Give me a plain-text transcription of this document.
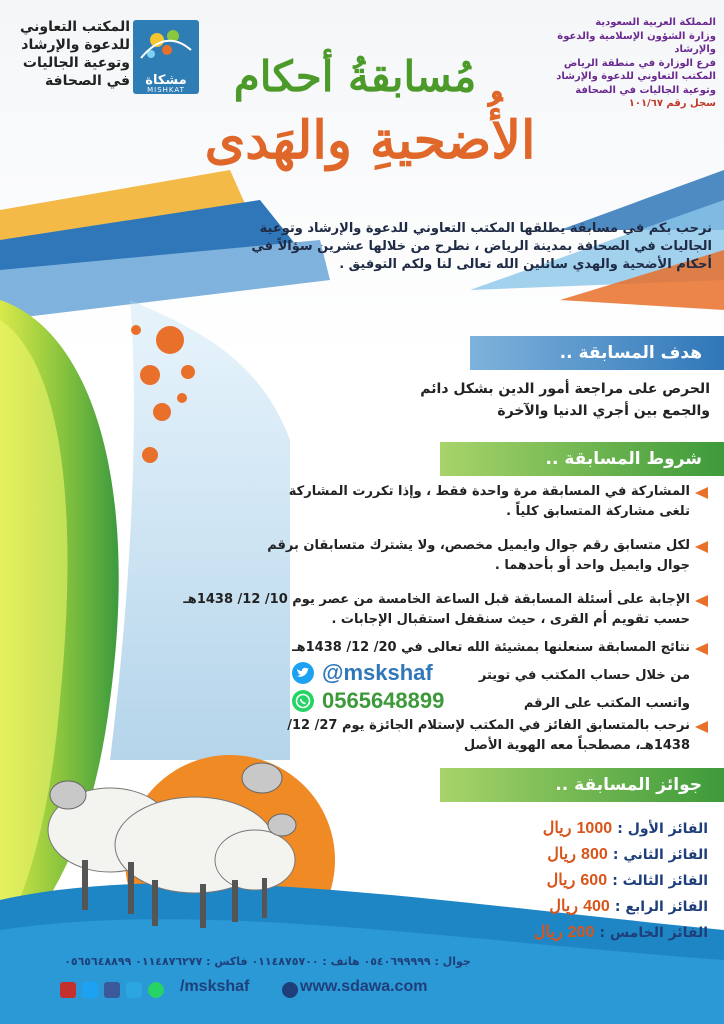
مشكاة
MISHKAT
المكتب التعاوني
للدعوة والإرشاد
وتوعية الجاليات
في الصحافة
المملكة العربية السعودية
وزارة الشؤون الإسلامية والدعوة والإرشاد
فرع الوزارة في منطقة الرياض
المكتب التعاوني للدعوة والإرشاد
وتوعية الجاليات في الصحافة
سجل رقم ١٠١/٦٧
مُسابقةُ أحكام
الأُضحيةِ والهَدى
نرحب بكم في مسابقة يطلقها المكتب التعاوني للدعوة والإرشاد وتوعية الجاليات في الصحافة بمدينة الرياض ، نطرح من خلالها عشرين سؤالاً في أحكام الأضحية والهدي سائلين الله تعالى لنا ولكم التوفيق .
هدف المسابقة ..
الحرص على مراجعة أمور الدين بشكل دائم
والجمع بين أجري الدنيا والآخرة
شروط المسابقة ..
المشاركة في المسابقة مرة واحدة فقط ، وإذا تكررت المشاركة تلغى مشاركة المتسابق كلياً .
لكل متسابق رقم جوال وايميل مخصص، ولا يشترك متسابقان برقم جوال وايميل واحد أو بأحدهما .
الإجابة على أسئلة المسابقة قبل الساعة الخامسة من عصر يوم 10/ 12/ 1438هـ حسب تقويم أم القرى ، حيث سنقفل استقبال الإجابات .
نتائج المسابقة سنعلنها بمشيئة الله تعالى في 20/ 12/ 1438هـ
من خلال حساب المكتب في تويتر
@mskshaf
واتسب المكتب على الرقم
0565648899
نرحب بالمتسابق الفائز في المكتب لإستلام الجائزة يوم 27/ 12/ 1438هـ، مصطحباً معه الهوية الأصل
جوائز المسابقة ..
الفائز الأول : 1000 ريال
الفائز الثاني : 800 ريال
الفائز الثالث : 600 ريال
الفائز الرابع : 400 ريال
الفائز الخامس : 200 ريال
جوال : ٠٥٤٠٦٩٩٩٩٩ هاتف : ٠١١٤٨٧٥٧٠٠ فاكس : ٠١١٤٨٧٦٢٧٧ ٠٥٦٥٦٤٨٨٩٩
/mskshaf	www.sdawa.com
